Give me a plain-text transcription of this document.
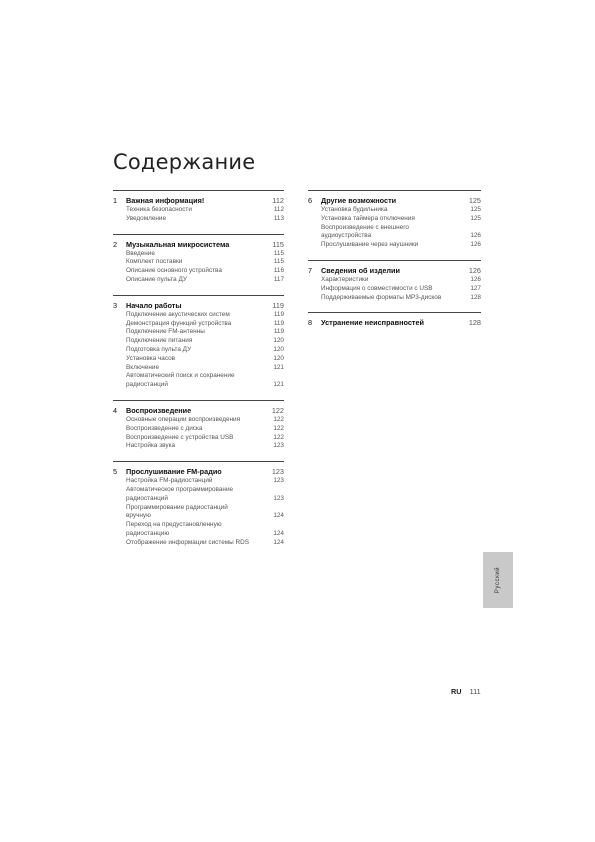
Содержание
1	Важная информация!	112
Техника безопасности	112
Уведомление	113
2	Музыкальная микросистема	115
Введение	115
Комплект поставки	115
Описание основного устройства	116
Описание пульта ДУ	117
3	Начало работы	119
Подключение акустических систем	119
Демонстрация функций устройства	119
Подключение FM-антенны	119
Подключение питания	120
Подготовка пульта ДУ	120
Установка часов	120
Включение	121
Автоматический поиск и сохранение
радиостанций	121
4	Воспроизведение	122
Основные операции воспроизведения	122
Воспроизведение с диска	122
Воспроизведение с устройства USB	122
Настройка звука	123
5	Прослушивание FM-радио	123
Настройка FM-радиостанций	123
Автоматическое программирование
радиостанций	123
Программирование радиостанций
вручную	124
Переход на предустановленную
радиостанцию	124
Отображение информации системы RDS	124
6	Другие возможности	125
Установка будильника	125
Установка таймера отключения	125
Воспроизведение с внешнего
аудиоустройства	126
Прослушивание через наушники	126
7	Сведения об изделии	126
Характеристики	126
Информация о совместимости с USB	127
Поддерживаемые форматы MP3-дисков	128
8	Устранение неисправностей	128
Русский
RU 111
